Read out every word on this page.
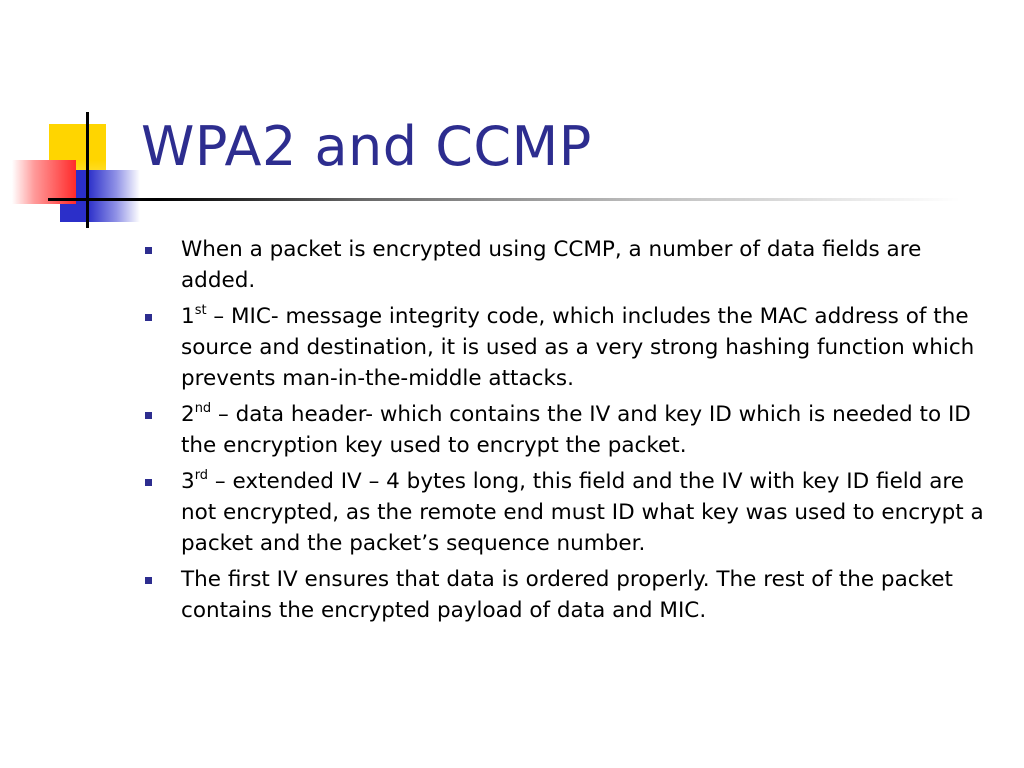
WPA2 and CCMP
When a packet is encrypted using CCMP, a number of data fields are added.
1st – MIC- message integrity code, which includes the MAC address of the source and destination, it is used as a very strong hashing function which prevents man-in-the-middle attacks.
2nd – data header- which contains the IV and key ID which is needed to ID the encryption key used to encrypt the packet.
3rd – extended IV – 4 bytes long, this field and the IV with key ID field are not encrypted, as the remote end must ID what key was used to encrypt a packet and the packet’s sequence number.
The first IV ensures that data is ordered properly. The rest of the packet contains the encrypted payload of data and MIC.
